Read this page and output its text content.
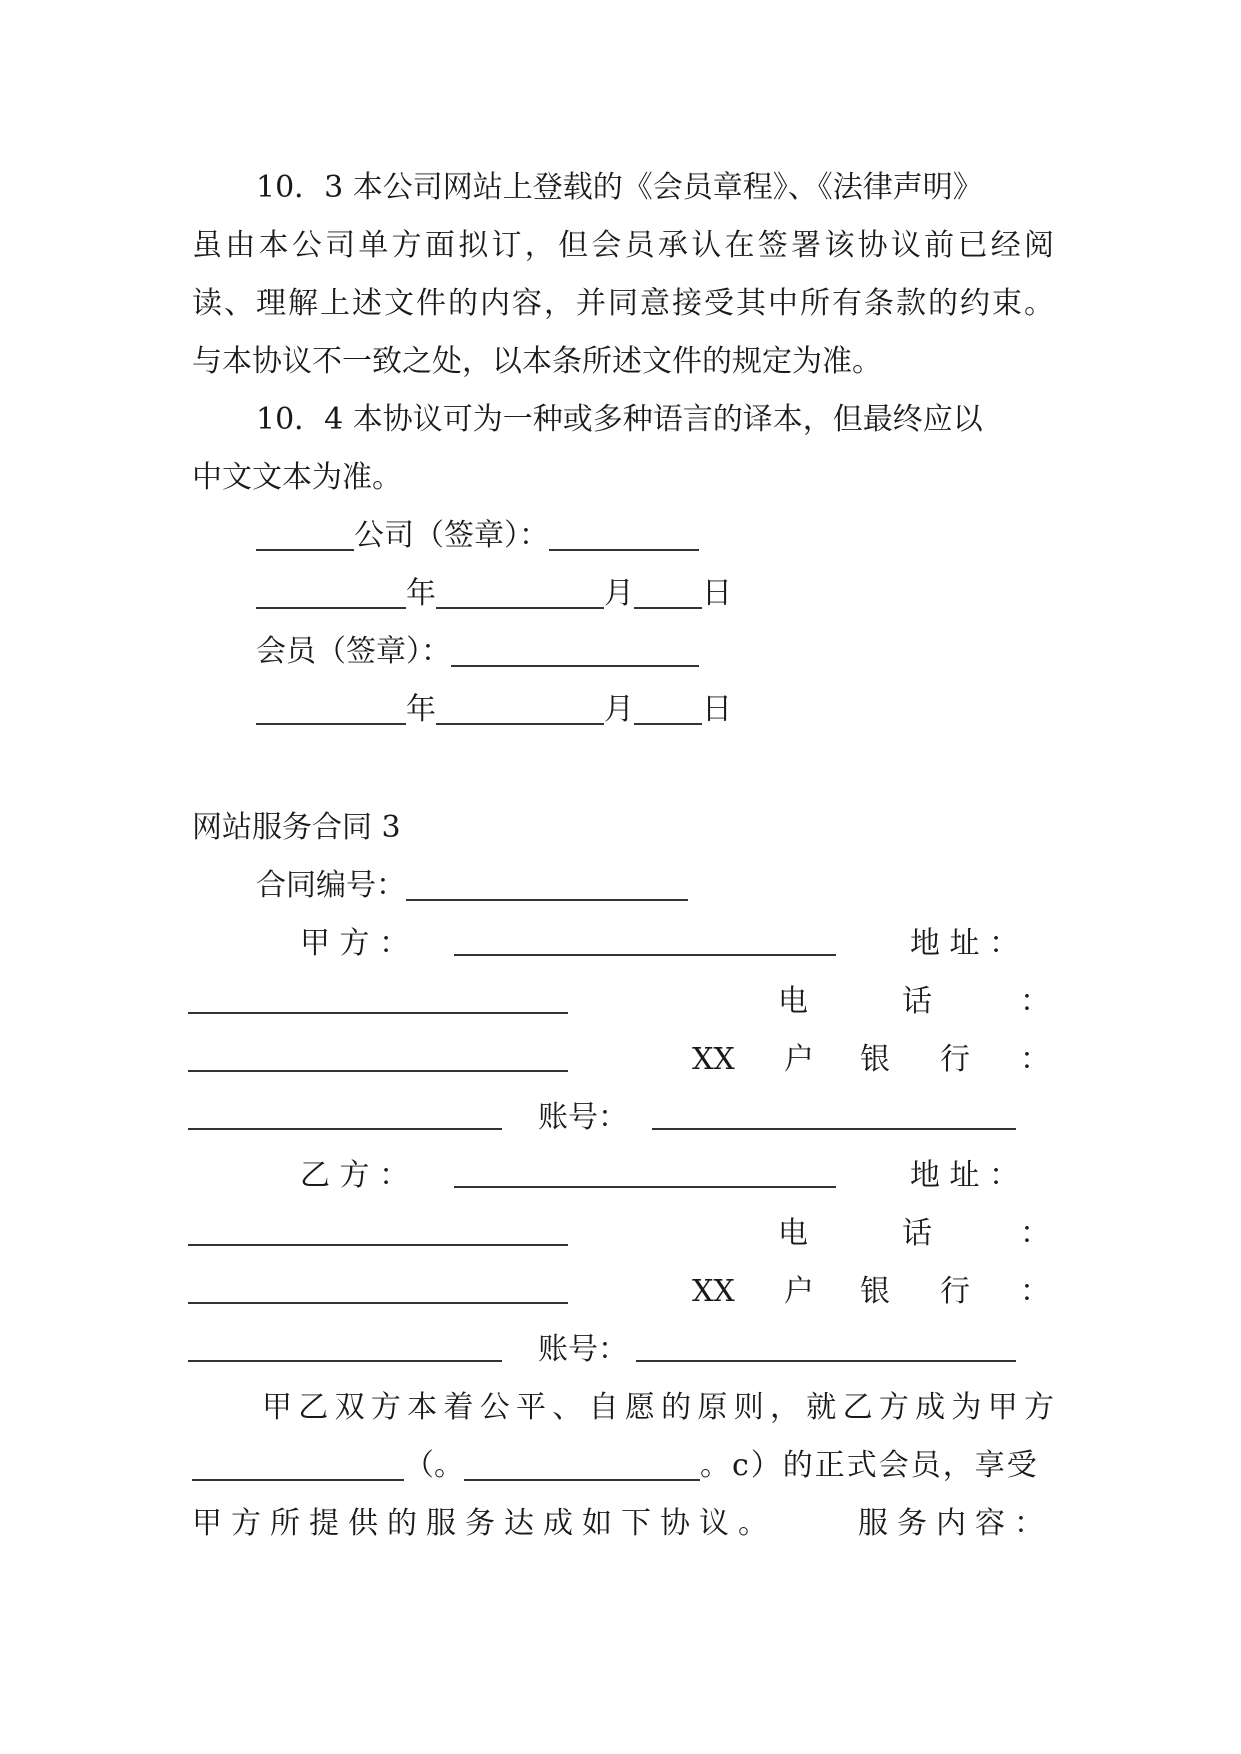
10．3 本公司网站上登载的《会员章程》、《法律声明》
虽由本公司单方面拟订，但会员承认在签署该协议前已经阅
读、理解上述文件的内容，并同意接受其中所有条款的约束。
与本协议不一致之处，以本条所述文件的规定为准。
10．4 本协议可为一种或多种语言的译本，但最终应以
中文文本为准。
公司（签章）：
年	月 日
会员（签章）：
年	月 日
网站服务合同 3
合同编号：
甲 方 ：	地 址 ：
电	话	：
XX 户 银 行 ：
账号：
乙 方 ：	地 址 ：
电	话	：
XX 户 银 行 ：
账号：
甲乙双方本着公平、自愿的原则，就乙方成为甲方
（。	。c）的正式会员，享受
甲方所提供的服务达成如下协议。	服务内容：
